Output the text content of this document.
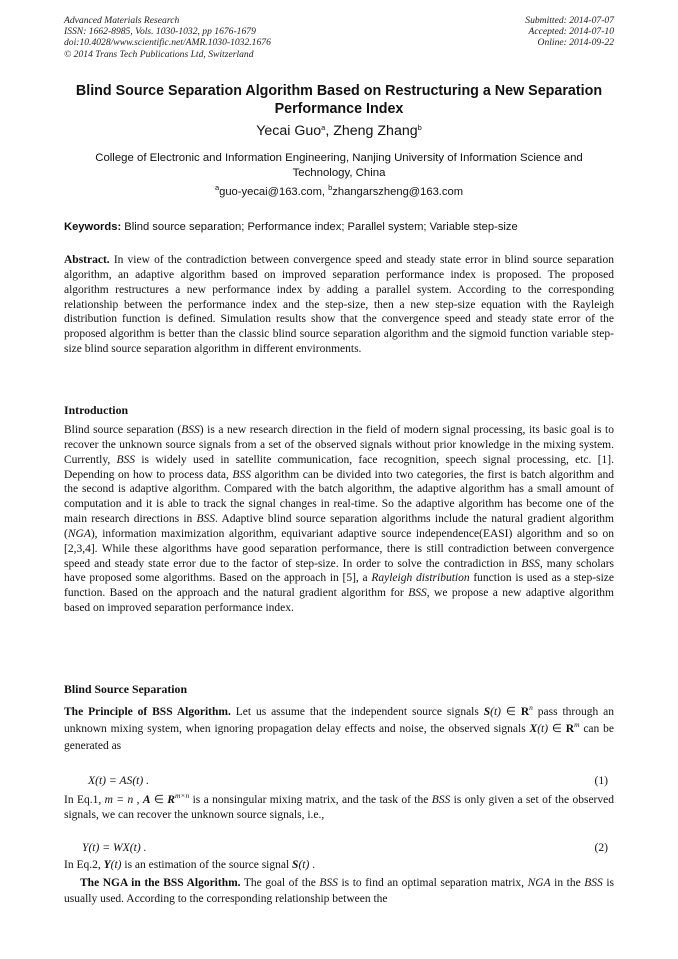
Advanced Materials Research
ISSN: 1662-8985, Vols. 1030-1032, pp 1676-1679
doi:10.4028/www.scientific.net/AMR.1030-1032.1676
© 2014 Trans Tech Publications Ltd, Switzerland
Submitted: 2014-07-07
Accepted: 2014-07-10
Online: 2014-09-22
Blind Source Separation Algorithm Based on Restructuring a New Separation Performance Index
Yecai Guo$^a$, Zheng Zhang$^b$
College of Electronic and Information Engineering, Nanjing University of Information Science and Technology, China
$^a$guo-yecai@163.com, $^b$zhangarszheng@163.com
Keywords: Blind source separation; Performance index; Parallel system; Variable step-size
Abstract. In view of the contradiction between convergence speed and steady state error in blind source separation algorithm, an adaptive algorithm based on improved separation performance index is proposed. The proposed algorithm restructures a new performance index by adding a parallel system. According to the corresponding relationship between the performance index and the step-size, then a new step-size equation with the Rayleigh distribution function is defined. Simulation results show that the convergence speed and steady state error of the proposed algorithm is better than the classic blind source separation algorithm and the sigmoid function variable step-size blind source separation algorithm in different environments.
Introduction
Blind source separation (BSS) is a new research direction in the field of modern signal processing, its basic goal is to recover the unknown source signals from a set of the observed signals without prior knowledge in the mixing system. Currently, BSS is widely used in satellite communication, face recognition, speech signal processing, etc. [1]. Depending on how to process data, BSS algorithm can be divided into two categories, the first is batch algorithm and the second is adaptive algorithm. Compared with the batch algorithm, the adaptive algorithm has a small amount of computation and it is able to track the signal changes in real-time. So the adaptive algorithm has become one of the main research directions in BSS. Adaptive blind source separation algorithms include the natural gradient algorithm (NGA), information maximization algorithm, equivariant adaptive source independence(EASI) algorithm and so on [2,3,4]. While these algorithms have good separation performance, there is still contradiction between convergence speed and steady state error due to the factor of step-size. In order to solve the contradiction in BSS, many scholars have proposed some algorithms. Based on the approach in [5], a Rayleigh distribution function is used as a step-size function. Based on the approach and the natural gradient algorithm for BSS, we propose a new adaptive algorithm based on improved separation performance index.
Blind Source Separation
The Principle of BSS Algorithm. Let us assume that the independent source signals S(t) ∈ $R^n$ pass through an unknown mixing system, when ignoring propagation delay effects and noise, the observed signals X(t) ∈ $R^m$ can be generated as
X(t) = AS(t) .	(1)
In Eq.1, m = n , A ∈ $R^{m\times n}$ is a nonsingular mixing matrix, and the task of the BSS is only given a set of the observed signals, we can recover the unknown source signals, i.e.,
Y(t) = WX(t) .	(2)
In Eq.2, Y(t) is an estimation of the source signal S(t) .
The NGA in the BSS Algorithm. The goal of the BSS is to find an optimal separation matrix, NGA in the BSS is usually used. According to the corresponding relationship between the
